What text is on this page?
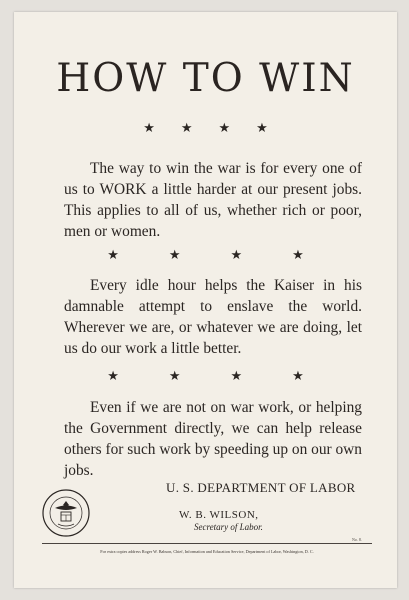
HOW TO WIN
★ ★ ★ ★
The way to win the war is for every one of us to WORK a little harder at our present jobs. This applies to all of us, whether rich or poor, men or women.
★	★	★	★
Every idle hour helps the Kaiser in his damnable attempt to enslave the world. Wherever we are, or whatever we are doing, let us do our work a little better.
★	★	★	★
Even if we are not on war work, or helping the Government directly, we can help release others for such work by speeding up on our own jobs.
U. S. DEPARTMENT OF LABOR
W. B. WILSON,
Secretary of Labor.
No. 8.
For extra copies address Roger W. Babson, Chief, Information and Education Service, Department of Labor, Washington, D. C.
